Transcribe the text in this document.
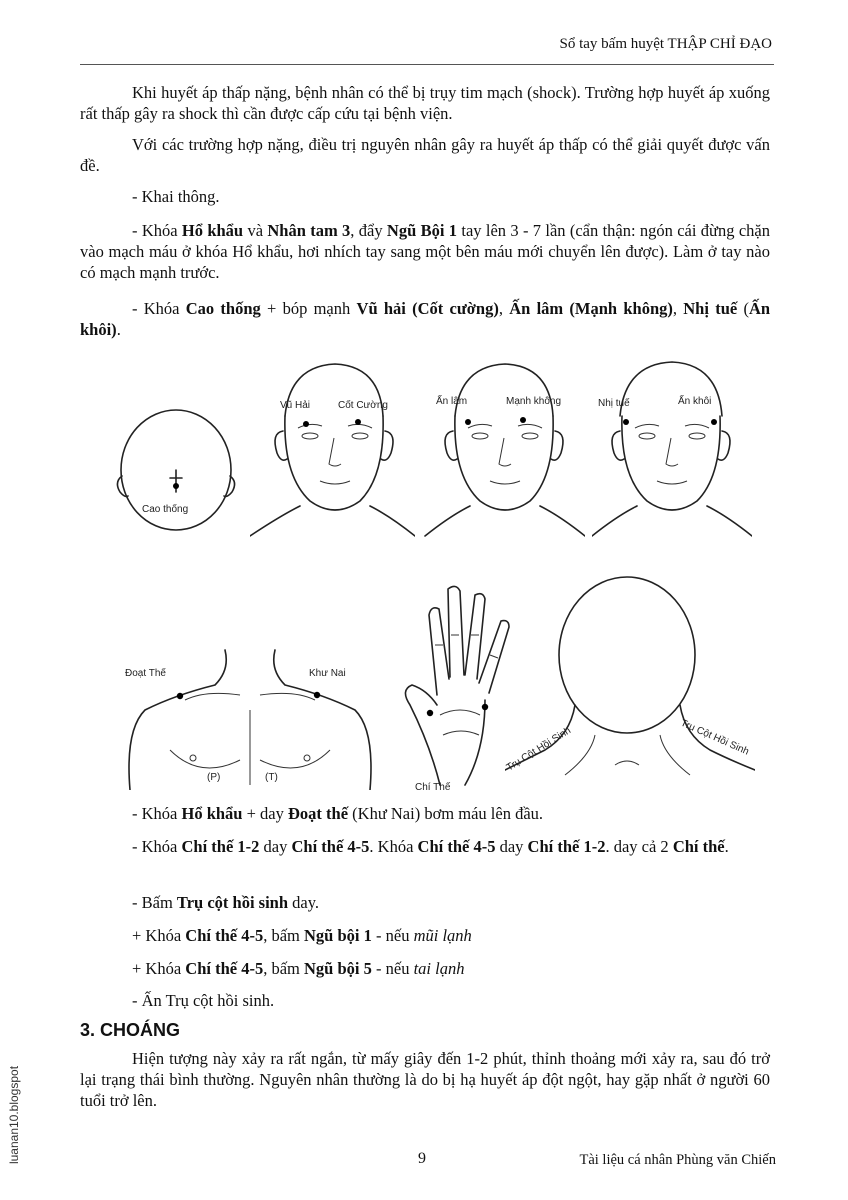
Sổ tay bấm huyệt THẬP CHỈ ĐẠO
Khi huyết áp thấp nặng, bệnh nhân có thể bị trụy tim mạch (shock). Trường hợp huyết áp xuống rất thấp gây ra shock thì cần được cấp cứu tại bệnh viện.
Với các trường hợp nặng, điều trị nguyên nhân gây ra huyết áp thấp có thể giải quyết được vấn đề.
- Khai thông.
- Khóa Hổ khẩu và Nhân tam 3, đẩy Ngũ Bội 1 tay lên 3 - 7 lần (cẩn thận: ngón cái đừng chặn vào mạch máu ở khóa Hổ khẩu, hơi nhích tay sang một bên máu mới chuyển lên được). Làm ở tay nào có mạch mạnh trước.
- Khóa Cao thống + bóp mạnh Vũ hải (Cốt cường), Ấn lâm (Mạnh không), Nhị tuế (Ấn khôi).
Cao thống
Vũ Hải	Cốt Cường	Ấn lâm	Mạnh không	Nhị tuế	Ấn khôi
Đoạt Thế	Khư Nai
(P)	(T)
Chí Thế
Trụ Cột Hồi Sinh	Trụ Cột Hồi Sinh
- Khóa Hổ khẩu + day Đoạt thế (Khư Nai) bơm máu lên đầu.
- Khóa Chí thế 1-2 day Chí thế 4-5. Khóa Chí thế 4-5 day Chí thế 1-2. day cả 2 Chí thế.
- Bấm Trụ cột hồi sinh day.
+ Khóa Chí thế 4-5, bấm Ngũ bội 1 - nếu mũi lạnh
+ Khóa Chí thế 4-5, bấm Ngũ bội 5 - nếu tai lạnh
- Ấn Trụ cột hồi sinh.
3. CHOÁNG
Hiện tượng này xảy ra rất ngắn, từ mấy giây đến 1-2 phút, thỉnh thoảng mới xảy ra, sau đó trở lại trạng thái bình thường. Nguyên nhân thường là do bị hạ huyết áp đột ngột, hay gặp nhất ở người 60 tuổi trở lên.
luanan10.blogspot	9	Tài liệu cá nhân Phùng văn Chiến
